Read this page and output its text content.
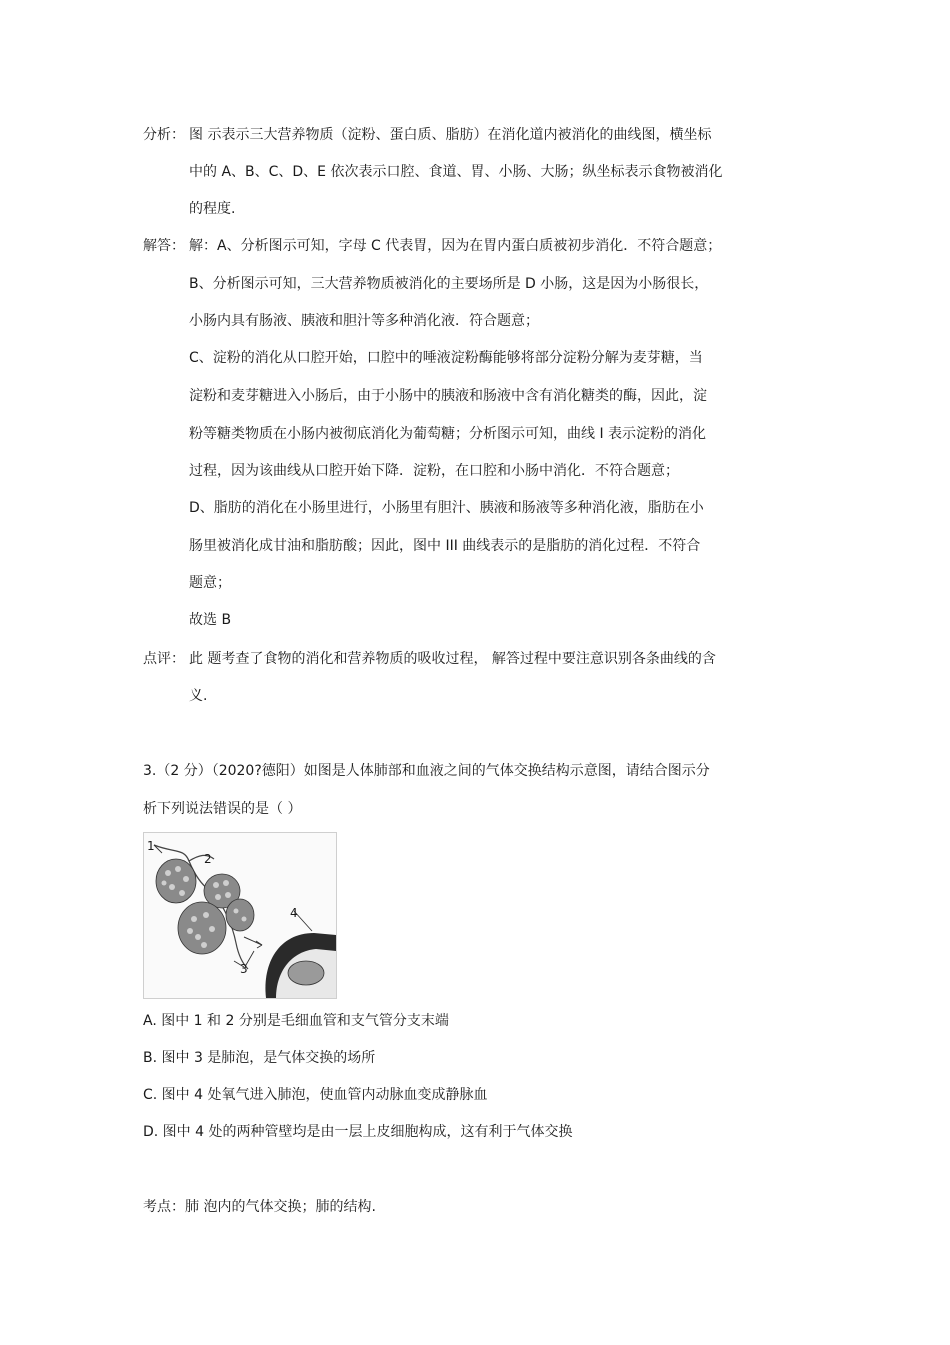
分析： 图 示表示三大营养物质（淀粉、蛋白质、脂肪）在消化道内被消化的曲线图，横坐标
中的 A、B、C、D、E 依次表示口腔、食道、胃、小肠、大肠；纵坐标表示食物被消化
的程度.
解答： 解：A、分析图示可知，字母 C 代表胃，因为在胃内蛋白质被初步消化．不符合题意；
B、分析图示可知，三大营养物质被消化的主要场所是 D 小肠，这是因为小肠很长，
小肠内具有肠液、胰液和胆汁等多种消化液．符合题意；
C、淀粉的消化从口腔开始，口腔中的唾液淀粉酶能够将部分淀粉分解为麦芽糖，当
淀粉和麦芽糖进入小肠后，由于小肠中的胰液和肠液中含有消化糖类的酶，因此，淀
粉等糖类物质在小肠内被彻底消化为葡萄糖；分析图示可知，曲线 I 表示淀粉的消化
过程，因为该曲线从口腔开始下降．淀粉，在口腔和小肠中消化．不符合题意；
D、脂肪的消化在小肠里进行，小肠里有胆汁、胰液和肠液等多种消化液，脂肪在小
肠里被消化成甘油和脂肪酸；因此，图中 III 曲线表示的是脂肪的消化过程．不符合
题意；
故选 B
点评： 此 题考查了食物的消化和营养物质的吸收过程， 解答过程中要注意识别各条曲线的含
义.
3.（2 分）（2020?德阳）如图是人体肺部和血液之间的气体交换结构示意图，请结合图示分
析下列说法错误的是（ ）
1
2
3
4
A. 图中 1 和 2 分别是毛细血管和支气管分支末端
B. 图中 3 是肺泡，是气体交换的场所
C. 图中 4 处氧气进入肺泡，使血管内动脉血变成静脉血
D. 图中 4 处的两种管壁均是由一层上皮细胞构成，这有利于气体交换
考点：肺 泡内的气体交换；肺的结构.
